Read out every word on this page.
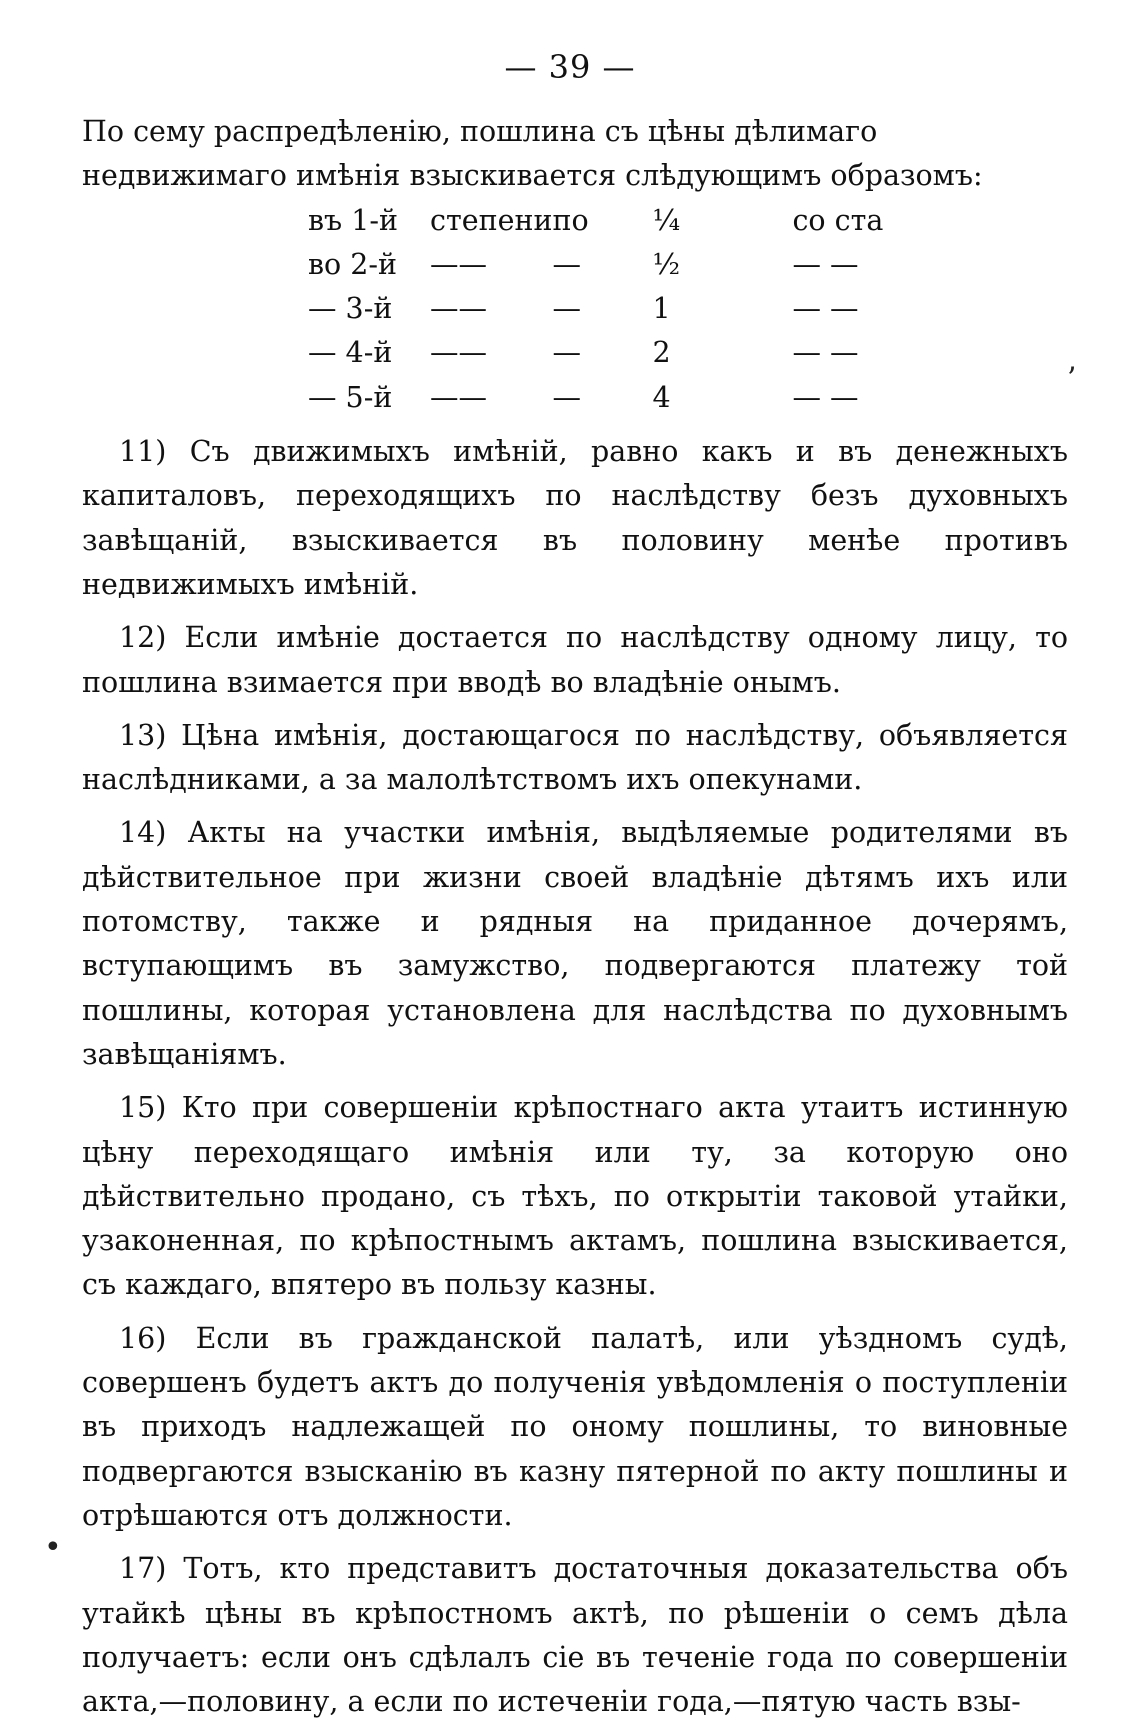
— 39 —

По сему распредѣленію, пошлина съ цѣны дѣлимаго недвижимаго имѣнія взыскивается слѣдующимъ образомъ:

въ 1-й	степени	по	¼	со ста
во 2-й	——	—	½	— —
— 3-й	——	—	1	— —
— 4-й	——	—	2	— —
— 5-й	——	—	4	— —

11) Съ движимыхъ имѣній, равно какъ и въ денежныхъ капиталовъ, переходящихъ по наслѣдству безъ духовныхъ завѣщаній, взыскивается въ половину менѣе противъ недвижимыхъ имѣній.

12) Если имѣніе достается по наслѣдству одному лицу, то пошлина взимается при вводѣ во владѣніе онымъ.

13) Цѣна имѣнія, достающагося по наслѣдству, объявляется наслѣдниками, а за малолѣтствомъ ихъ опекунами.

14) Акты на участки имѣнія, выдѣляемые родителями въ дѣйствительное при жизни своей владѣніе дѣтямъ ихъ или потомству, также и рядныя на приданное дочерямъ, вступающимъ въ замужство, подвергаются платежу той пошлины, которая установлена для наслѣдства по духовнымъ завѣщаніямъ.

15) Кто при совершеніи крѣпостнаго акта утаитъ истинную цѣну переходящаго имѣнія или ту, за которую оно дѣйствительно продано, съ тѣхъ, по открытіи таковой утайки, узаконенная, по крѣпостнымъ актамъ, пошлина взыскивается, съ каждаго, впятеро въ пользу казны.

16) Если въ гражданской палатѣ, или уѣздномъ судѣ, совершенъ будетъ актъ до полученія увѣдомленія о поступленіи въ приходъ надлежащей по оному пошлины, то виновные подвергаются взысканію въ казну пятерной по акту пошлины и отрѣшаются отъ должности.

17) Тотъ, кто представитъ достаточныя доказательства объ утайкѣ цѣны въ крѣпостномъ актѣ, по рѣшеніи о семъ дѣла получаетъ: если онъ сдѣлалъ сіе въ теченіе года по совершеніи акта,—половину, а если по истеченіи года,—пятую часть взы-

ʼ
•
